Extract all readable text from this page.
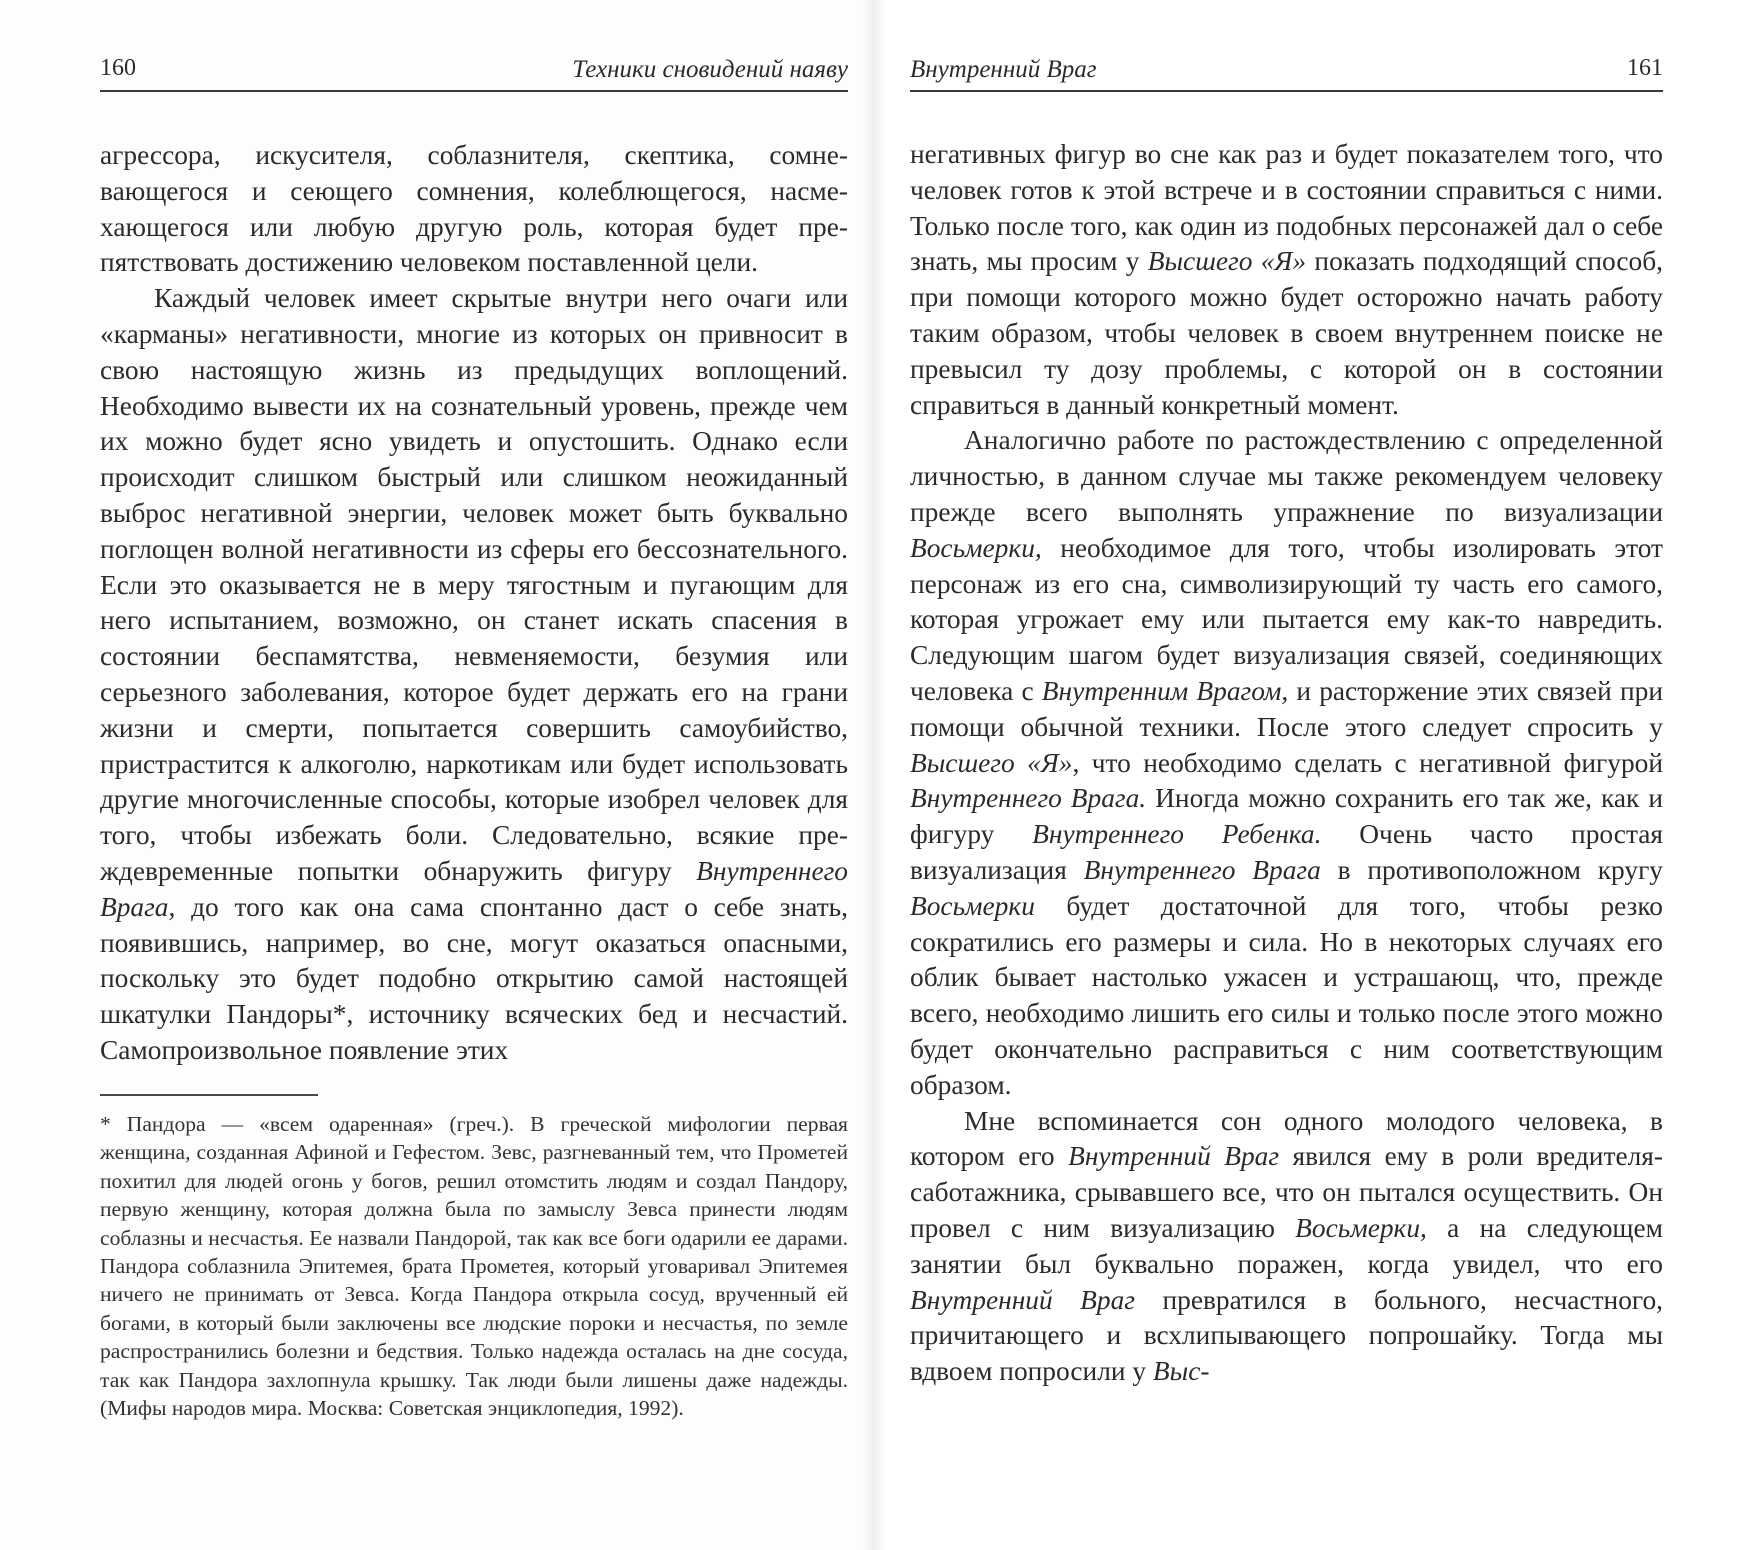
160	Техники сновидений наяву

агрессора, искусителя, соблазнителя, скептика, сомневающегося и сеющего сомнения, колеблющегося, насмехающегося или любую другую роль, которая будет препятствовать достижению человеком поставленной цели.

Каждый человек имеет скрытые внутри него очаги или «карманы» негативности, многие из которых он привносит в свою настоящую жизнь из предыдущих воплощений. Необходимо вывести их на сознательный уровень, прежде чем их можно будет ясно увидеть и опустошить. Однако если происходит слишком быстрый или слишком неожиданный выброс негативной энергии, человек может быть буквально поглощен волной негативности из сферы его бессознательного. Если это оказывается не в меру тягостным и пугающим для него испытанием, возможно, он станет искать спасения в состоянии беспамятства, невменяемости, безумия или серьезного заболевания, которое будет держать его на грани жизни и смерти, попытается совершить самоубийство, пристрастится к алкоголю, наркотикам или будет использовать другие многочисленные способы, которые изобрел человек для того, чтобы избежать боли. Следовательно, всякие преждевременные попытки обнаружить фигуру Внутреннего Врага, до того как она сама спонтанно даст о себе знать, появившись, например, во сне, могут оказаться опасными, поскольку это будет подобно открытию самой настоящей шкатулки Пандоры*, источнику всяческих бед и несчастий. Самопроизвольное появление этих

* Пандора — «всем одаренная» (греч.). В греческой мифологии первая женщина, созданная Афиной и Гефестом. Зевс, разгневанный тем, что Прометей похитил для людей огонь у богов, решил отомстить людям и создал Пандору, первую женщину, которая должна была по замыслу Зевса принести людям соблазны и несчастья. Ее назвали Пандорой, так как все боги одарили ее дарами. Пандора соблазнила Эпитемея, брата Прометея, который уговаривал Эпитемея ничего не принимать от Зевса. Когда Пандора открыла сосуд, врученный ей богами, в который были заключены все людские пороки и несчастья, по земле распространились болезни и бедствия. Только надежда осталась на дне сосуда, так как Пандора захлопнула крышку. Так люди были лишены даже надежды. (Мифы народов мира. Москва: Советская энциклопедия, 1992).

Внутренний Враг	161

негативных фигур во сне как раз и будет показателем того, что человек готов к этой встрече и в состоянии справиться с ними. Только после того, как один из подобных персонажей дал о себе знать, мы просим у Высшего «Я» показать подходящий способ, при помощи которого можно будет осторожно начать работу таким образом, чтобы человек в своем внутреннем поиске не превысил ту дозу проблемы, с которой он в состоянии справиться в данный конкретный момент.

Аналогично работе по растождествлению с определенной личностью, в данном случае мы также рекомендуем человеку прежде всего выполнять упражнение по визуализации Восьмерки, необходимое для того, чтобы изолировать этот персонаж из его сна, символизирующий ту часть его самого, которая угрожает ему или пытается ему как-то навредить. Следующим шагом будет визуализация связей, соединяющих человека с Внутренним Врагом, и расторжение этих связей при помощи обычной техники. После этого следует спросить у Высшего «Я», что необходимо сделать с негативной фигурой Внутреннего Врага. Иногда можно сохранить его так же, как и фигуру Внутреннего Ребенка. Очень часто простая визуализация Внутреннего Врага в противоположном кругу Восьмерки будет достаточной для того, чтобы резко сократились его размеры и сила. Но в некоторых случаях его облик бывает настолько ужасен и устрашающ, что, прежде всего, необходимо лишить его силы и только после этого можно будет окончательно расправиться с ним соответствующим образом.

Мне вспоминается сон одного молодого человека, в котором его Внутренний Враг явился ему в роли вредителя-саботажника, срывавшего все, что он пытался осуществить. Он провел с ним визуализацию Восьмерки, а на следующем занятии был буквально поражен, когда увидел, что его Внутренний Враг превратился в больного, несчастного, причитающего и всхлипывающего попрошайку. Тогда мы вдвоем попросили у Выс-
